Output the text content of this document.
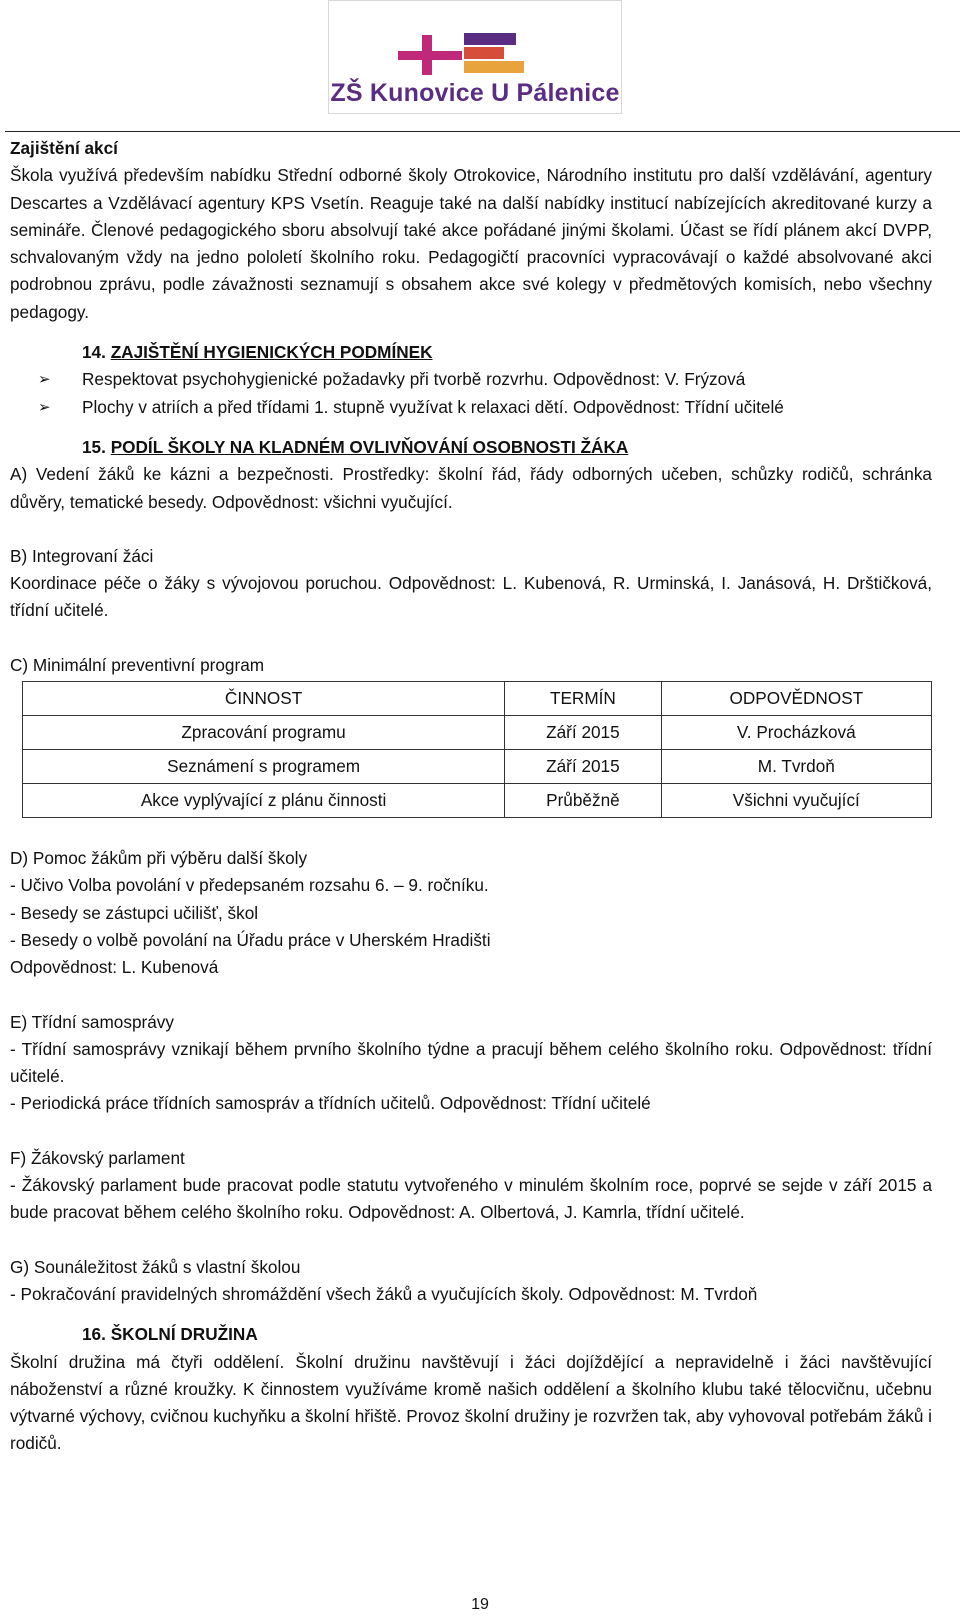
ZŠ Kunovice U Pálenice

Zajištění akcí

Škola využívá především nabídku Střední odborné školy Otrokovice, Národního institutu pro další vzdělávání, agentury Descartes a Vzdělávací agentury KPS Vsetín. Reaguje také na další nabídky institucí nabízejících akreditované kurzy a semináře. Členové pedagogického sboru absolvují také akce pořádané jinými školami. Účast se řídí plánem akcí DVPP, schvalovaným vždy na jedno pololetí školního roku. Pedagogičtí pracovníci vypracovávají o každé absolvované akci podrobnou zprávu, podle závažnosti seznamují s obsahem akce své kolegy v předmětových komisích, nebo všechny pedagogy.

14. ZAJIŠTĚNÍ HYGIENICKÝCH PODMÍNEK

➢ Respektovat psychohygienické požadavky při tvorbě rozvrhu. Odpovědnost: V. Frýzová

➢ Plochy v atriích a před třídami 1. stupně využívat k relaxaci dětí. Odpovědnost: Třídní učitelé

15. PODÍL ŠKOLY NA KLADNÉM OVLIVŇOVÁNÍ OSOBNOSTI ŽÁKA

A) Vedení žáků ke kázni a bezpečnosti. Prostředky: školní řád, řády odborných učeben, schůzky rodičů, schránka důvěry, tematické besedy. Odpovědnost: všichni vyučující.

B) Integrovaní žáci

Koordinace péče o žáky s vývojovou poruchou. Odpovědnost: L. Kubenová, R. Urminská, I. Janásová, H. Drštičková, třídní učitelé.

C) Minimální preventivní program

ČINNOST	TERMÍN	ODPOVĚDNOST
Zpracování programu	Září 2015	V. Procházková
Seznámení s programem	Září 2015	M. Tvrdoň
Akce vyplývající z plánu činnosti	Průběžně	Všichni vyučující

D) Pomoc žákům při výběru další školy

- Učivo Volba povolání v předepsaném rozsahu 6. – 9. ročníku.

- Besedy se zástupci učilišť, škol

- Besedy o volbě povolání na Úřadu práce v Uherském Hradišti

Odpovědnost: L. Kubenová

E) Třídní samosprávy

- Třídní samosprávy vznikají během prvního školního týdne a pracují během celého školního roku. Odpovědnost: třídní učitelé.

- Periodická práce třídních samospráv a třídních učitelů. Odpovědnost: Třídní učitelé

F) Žákovský parlament

- Žákovský parlament bude pracovat podle statutu vytvořeného v minulém školním roce, poprvé se sejde v září 2015 a bude pracovat během celého školního roku. Odpovědnost: A. Olbertová, J. Kamrla, třídní učitelé.

G) Sounáležitost žáků s vlastní školou

- Pokračování pravidelných shromáždění všech žáků a vyučujících školy. Odpovědnost: M. Tvrdoň

16. ŠKOLNÍ DRUŽINA

Školní družina má čtyři oddělení. Školní družinu navštěvují i žáci dojíždějící a nepravidelně i žáci navštěvující náboženství a různé kroužky. K činnostem využíváme kromě našich oddělení a školního klubu také tělocvičnu, učebnu výtvarné výchovy, cvičnou kuchyňku a školní hřiště. Provoz školní družiny je rozvržen tak, aby vyhovoval potřebám žáků i rodičů.

19
